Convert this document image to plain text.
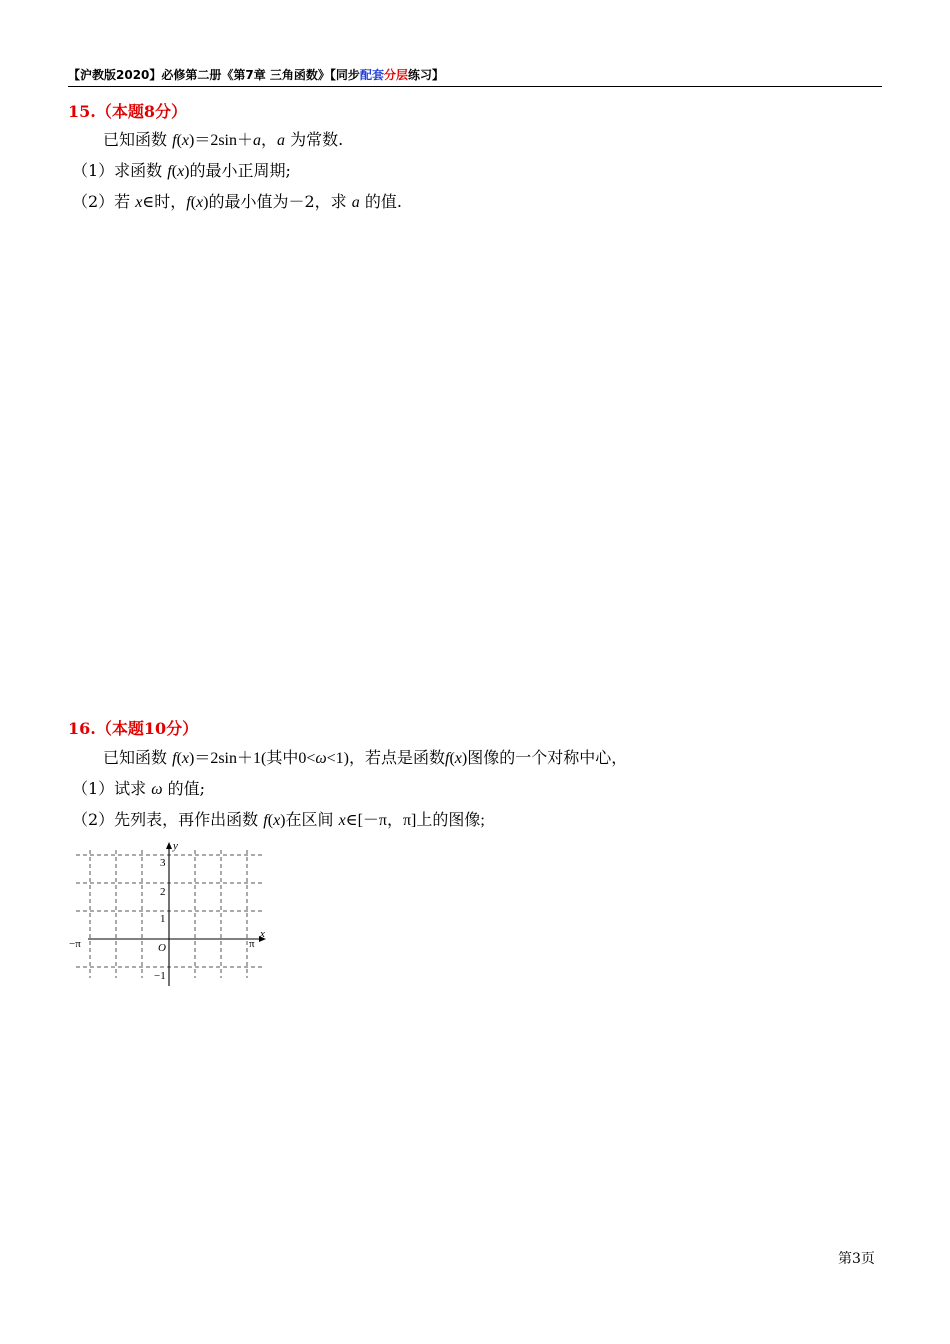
【沪教版2020】必修第二册《第7章 三角函数》【同步配套分层练习】
15.（本题8分）
已知函数 f(x)＝2sin＋a，a 为常数.
（1）求函数 f(x)的最小正周期;
（2）若 x∈时，f(x)的最小值为－2，求 a 的值.
16.（本题10分）
已知函数 f(x)＝2sin＋1(其中0<ω<1)，若点是函数f(x)图像的一个对称中心，
（1）试求 ω 的值;
（2）先列表，再作出函数 f(x)在区间 x∈[－π，π]上的图像;
y
x
O
3
2
1
−1
−π	π
第3页
